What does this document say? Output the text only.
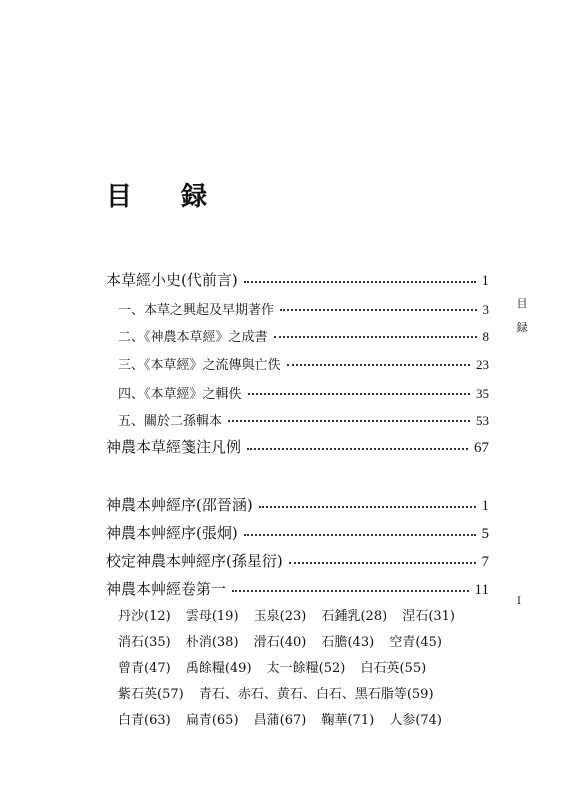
目 録
目
録
I
本草經小史(代前言)	1
一、本草之興起及早期著作	3
二、《神農本草經》之成書	8
三、《本草經》之流傳與亡佚	23
四、《本草經》之輯佚	35
五、關於二孫輯本	53
神農本草經箋注凡例	67
神農本艸經序(邵晉涵)	1
神農本艸經序(張炯)	5
校定神農本艸經序(孫星衍)	7
神農本艸經卷第一	11
丹沙(12) 雲母(19) 玉泉(23) 石鍾乳(28) 涅石(31)
消石(35) 朴消(38) 滑石(40) 石膽(43) 空青(45)
曾青(47) 禹餘糧(49) 太一餘糧(52) 白石英(55)
紫石英(57) 青石、赤石、黄石、白石、黑石脂等(59)
白青(63) 扁青(65) 昌蒲(67) 鞠華(71) 人参(74)
